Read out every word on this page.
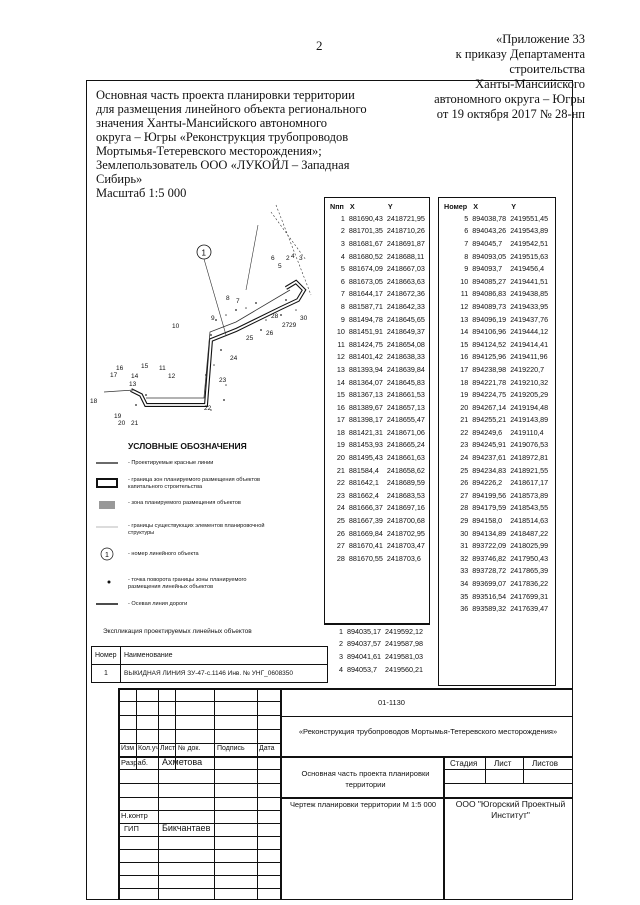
2	«Приложение 33
к приказу Департамента
строительства
Ханты-Мансийского
автономного округа – Югры
от 19 октября 2017 № 28-нп
Основная часть проекта планировки территории
для размещения линейного объекта регионального
значения Ханты-Мансийского автономного
округа – Югры «Реконструкция трубопроводов
Мортымья-Тетеревского месторождения»;
Землепользователь ООО «ЛУКОЙЛ – Западная
Сибирь»
Масштаб 1:5 000
1
2 3
4
5
6
7
8
9
10
11
12
13
14
15
16
17
18
19
20 21
22
23
24
25
26
27
28
29
30
Nпп	X	Y
1	881690,43	2418721,95
2	881701,35	2418710,26
3	881681,67	2418691,87
4	881680,52	2418688,11
5	881674,09	2418667,03
6	881673,05	2418663,63
7	881644,17	2418672,36
8	881587,71	2418642,33
9	881494,78	2418645,65
10	881451,91	2418649,37
11	881424,75	2418654,08
12	881401,42	2418638,33
13	881393,94	2418639,84
14	881364,07	2418645,83
15	881367,13	2418661,53
16	881389,67	2418657,13
17	881398,17	2418655,47
18	881421,31	2418671,06
19	881453,93	2418665,24
20	881495,43	2418661,63
21	881584,4	2418658,62
22	881642,1	2418689,59
23	881662,4	2418683,53
24	881666,37	2418697,16
25	881667,39	2418700,68
26	881669,84	2418702,95
27	881670,41	2418703,47
28	881670,55	2418703,6
1	894035,17	2419592,12
2	894037,57	2419587,98
3	894041,61	2419581,03
4	894053,7	2419560,21
Номер	X	Y
5	894038,78	2419551,45
6	894043,26	2419543,89
7	894045,7	2419542,51
8	894093,05	2419515,63
9	894093,7	2419456,4
10	894085,27	2419441,51
11	894086,83	2419438,85
12	894089,73	2419433,95
13	894096,19	2419437,76
14	894106,96	2419444,12
15	894124,52	2419414,41
16	894125,96	2419411,96
17	894238,98	2419220,7
18	894221,78	2419210,32
19	894224,75	2419205,29
20	894267,14	2419194,48
21	894255,21	2419143,89
22	894249,6	2419110,4
23	894245,91	2419076,53
24	894237,61	2418972,81
25	894234,83	2418921,55
26	894226,2	2418617,17
27	894199,56	2418573,89
28	894179,59	2418543,55
29	894158,0	2418514,63
30	894134,89	2418487,22
31	893722,09	2418025,99
32	893746,82	2417950,43
33	893728,72	2417865,39
34	893699,07	2417836,22
35	893516,54	2417699,31
36	893589,32	2417639,47
УСЛОВНЫЕ ОБОЗНАЧЕНИЯ
1
- Проектируемые красные линии
- граница зон планируемого размещения объектов капитального строительства
- зона планируемого размещения объектов
- границы существующих элементов планировочной структуры
- номер линейного объекта
- точка поворота границы зоны планируемого размещения линейных объектов
- Осевая линия дороги
Экспликация проектируемых линейных объектов
Номер	Наименование
1	ВЫКИДНАЯ ЛИНИЯ ЗУ-47-с.1146 Инв. № УНГ_0608350
01-1130
«Реконструкция трубопроводов Мортымья-Тетеревского месторождения»
Изм Кол.уч Лист № док. Подпись Дата
Разраб. Ахметова
Основная часть проекта планировки территории
Стадия Лист	Листов
Н.контр
Чертеж планировки территории М 1:5 000	ООО "Югорский Проектный Институт"
ГИП	Бикчантаев
